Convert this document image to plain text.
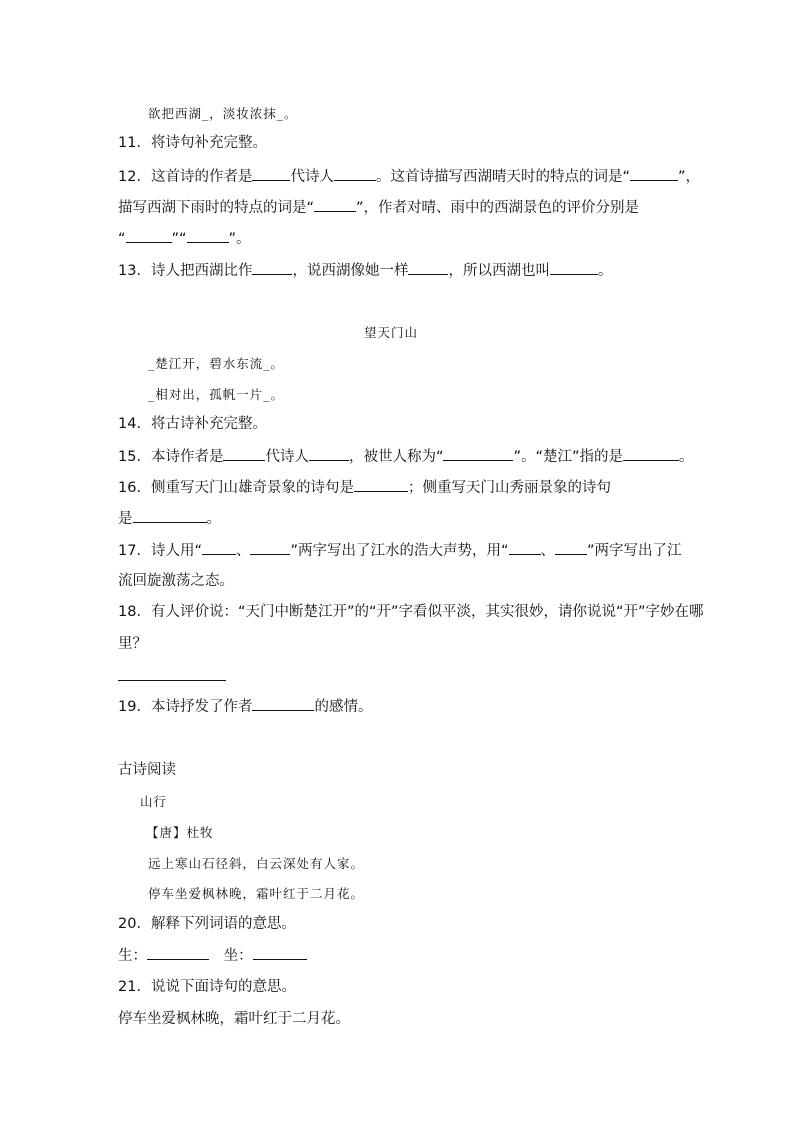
欲把西湖_，淡妆浓抹_。
11．将诗句补充完整。
12．这首诗的作者是	代诗人	。这首诗描写西湖晴天时的特点的词是“	”，
描写西湖下雨时的特点的词是“	”，作者对晴、雨中的西湖景色的评价分别是
“	”“	”。
13．诗人把西湖比作	，说西湖像她一样	，所以西湖也叫	。
望天门山
_楚江开，碧水东流_。
_相对出，孤帆一片_。
14．将古诗补充完整。
15．本诗作者是	代诗人	，被世人称为“	”。“楚江”指的是	。
16．侧重写天门山雄奇景象的诗句是	；侧重写天门山秀丽景象的诗句
是	。
17．诗人用“ 、	”两字写出了江水的浩大声势，用“ 、 ”两字写出了江
流回旋激荡之态。
18．有人评价说：“天门中断楚江开”的“开”字看似平淡，其实很妙，请你说说“开”字妙在哪
里？
19．本诗抒发了作者	的感情。
古诗阅读
山行
【唐】杜牧
远上寒山石径斜，白云深处有人家。
停车坐爱枫林晚，霜叶红于二月花。
20．解释下列词语的意思。
生：	坐：
21．说说下面诗句的意思。
停车坐爱枫林晚，霜叶红于二月花。
